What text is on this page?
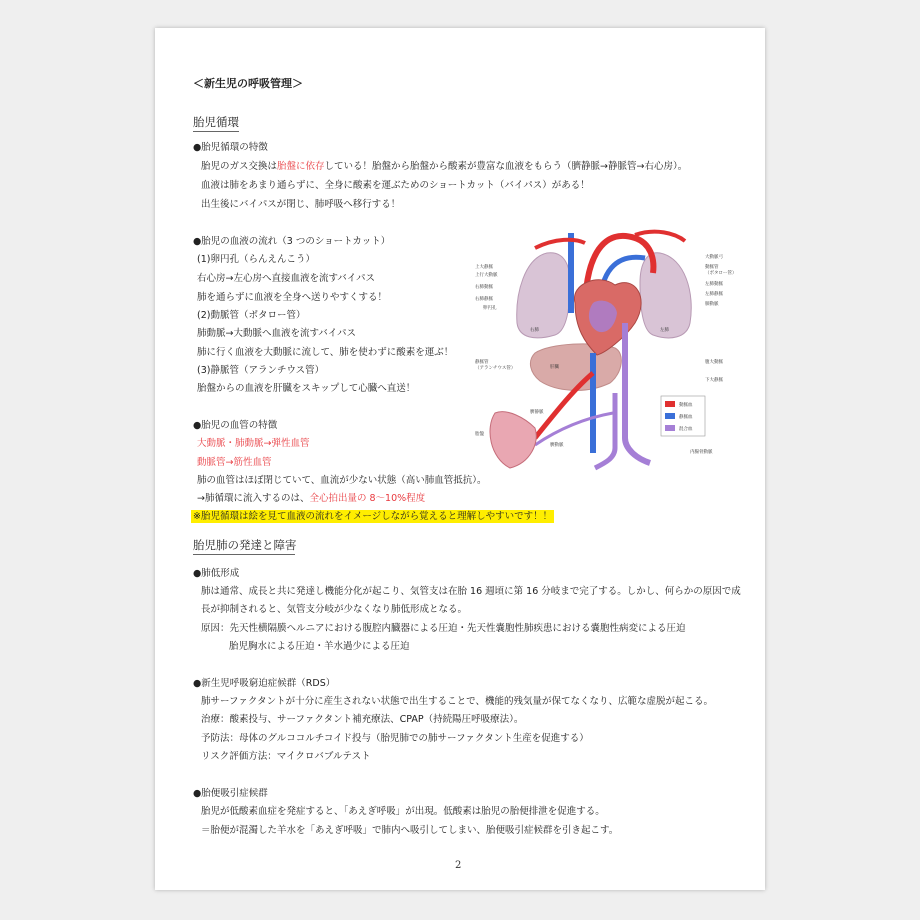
＜新生児の呼吸管理＞
胎児循環
●胎児循環の特徴
胎児のガス交換は胎盤に依存している！胎盤から胎盤から酸素が豊富な血液をもらう（臍静脈→静脈管→右心房）。
血液は肺をあまり通らずに、全身に酸素を運ぶためのショートカット（バイパス）がある！
出生後にバイパスが閉じ、肺呼吸へ移行する！
●胎児の血液の流れ（3 つのショートカット）
(1)卵円孔（らんえんこう）
右心房→左心房へ直接血液を流すバイパス
肺を通らずに血液を全身へ送りやすくする！
(2)動脈管（ボタロー管）
肺動脈→大動脈へ血液を流すバイパス
肺に行く血液を大動脈に流して、肺を使わずに酸素を運ぶ！
(3)静脈管（アランチウス管）
胎盤からの血液を肝臓をスキップして心臓へ直送！
●胎児の血管の特徴
大動脈・肺動脈→弾性血管
動脈管→筋性血管
肺の血管はほぼ閉じていて、血流が少ない状態（高い肺血管抵抗）。
→肺循環に流入するのは、全心拍出量の 8～10%程度
※胎児循環は絵を見て血液の流れをイメージしながら覚えると理解しやすいです！！
胎児肺の発達と障害
●肺低形成
肺は通常、成長と共に発達し機能分化が起こり、気管支は在胎 16 週頃に第 16 分岐まで完了する。しかし、何らかの原因で成
長が抑制されると、気管支分岐が少なくなり肺低形成となる。
原因：先天性横隔膜ヘルニアにおける腹腔内臓器による圧迫・先天性嚢胞性肺疾患における嚢胞性病変による圧迫
胎児胸水による圧迫・羊水過少による圧迫
●新生児呼吸窮迫症候群（RDS）
肺サーファクタントが十分に産生されない状態で出生することで、機能的残気量が保てなくなり、広範な虚脱が起こる。
治療：酸素投与、サーファクタント補充療法、CPAP（持続陽圧呼吸療法）。
予防法：母体のグルココルチコイド投与（胎児肺での肺サーファクタント生産を促進する）
リスク評価方法：マイクロバブルテスト
●胎便吸引症候群
胎児が低酸素血症を発症すると、「あえぎ呼吸」が出現。低酸素は胎児の胎便排泄を促進する。
＝胎便が混濁した羊水を「あえぎ呼吸」で肺内へ吸引してしまい、胎便吸引症候群を引き起こす。
2
上大静脈
上行大動脈
右肺動脈
右肺静脈
卵円孔
右肺
静脈管
（アランチウス管）	肝臓
臍静脈
臍動脈
胎盤
大動脈弓
動脈管
（ボタロー管）
左肺動脈
左肺静脈
肺動脈
左肺
腹大動脈
下大静脈
内腸骨動脈
動脈血
静脈血
混合血
